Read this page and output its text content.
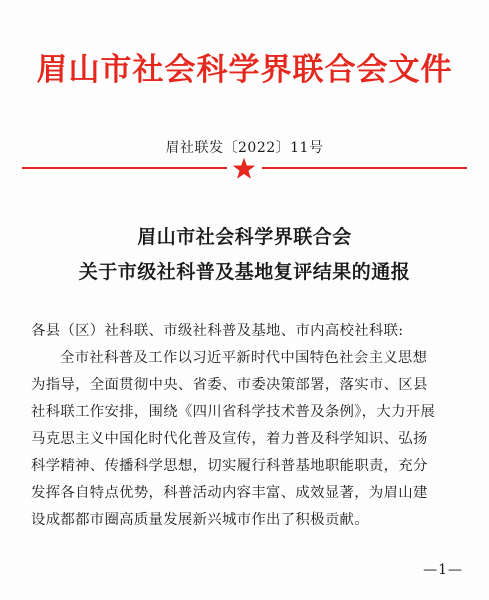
眉山市社会科学界联合会文件
眉社联发〔2022〕11号
眉山市社会科学界联合会
关于市级社科普及基地复评结果的通报
各县（区）社科联、市级社科普及基地、市内高校社科联:
全市社科普及工作以习近平新时代中国特色社会主义思想
为指导，全面贯彻中央、省委、市委决策部署，落实市、区县
社科联工作安排，围绕《四川省科学技术普及条例》，大力开展
马克思主义中国化时代化普及宣传，着力普及科学知识、弘扬
科学精神、传播科学思想，切实履行科普基地职能职责，充分
发挥各自特点优势，科普活动内容丰富、成效显著，为眉山建
设成都都市圈高质量发展新兴城市作出了积极贡献。
—1—
